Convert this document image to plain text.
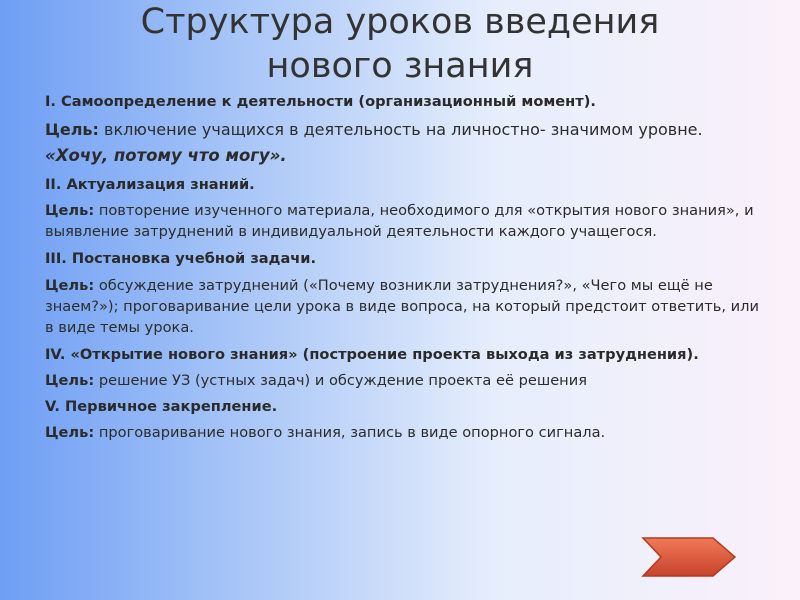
Структура уроков введения
нового знания

I. Самоопределение к деятельности (организационный момент).

Цель: включение учащихся в деятельность на личностно- значимом уровне.

«Хочу, потому что могу».

II. Актуализация знаний.

Цель: повторение изученного материала, необходимого для «открытия нового знания», и выявление затруднений в индивидуальной деятельности каждого учащегося.

III. Постановка учебной задачи.

Цель: обсуждение затруднений («Почему возникли затруднения?», «Чего мы ещё не знаем?»); проговаривание цели урока в виде вопроса, на который предстоит ответить, или в виде темы урока.

IV. «Открытие нового знания» (построение проекта выхода из затруднения).

Цель: решение УЗ (устных задач) и обсуждение проекта её решения

V. Первичное закрепление.

Цель: проговаривание нового знания, запись в виде опорного сигнала.
